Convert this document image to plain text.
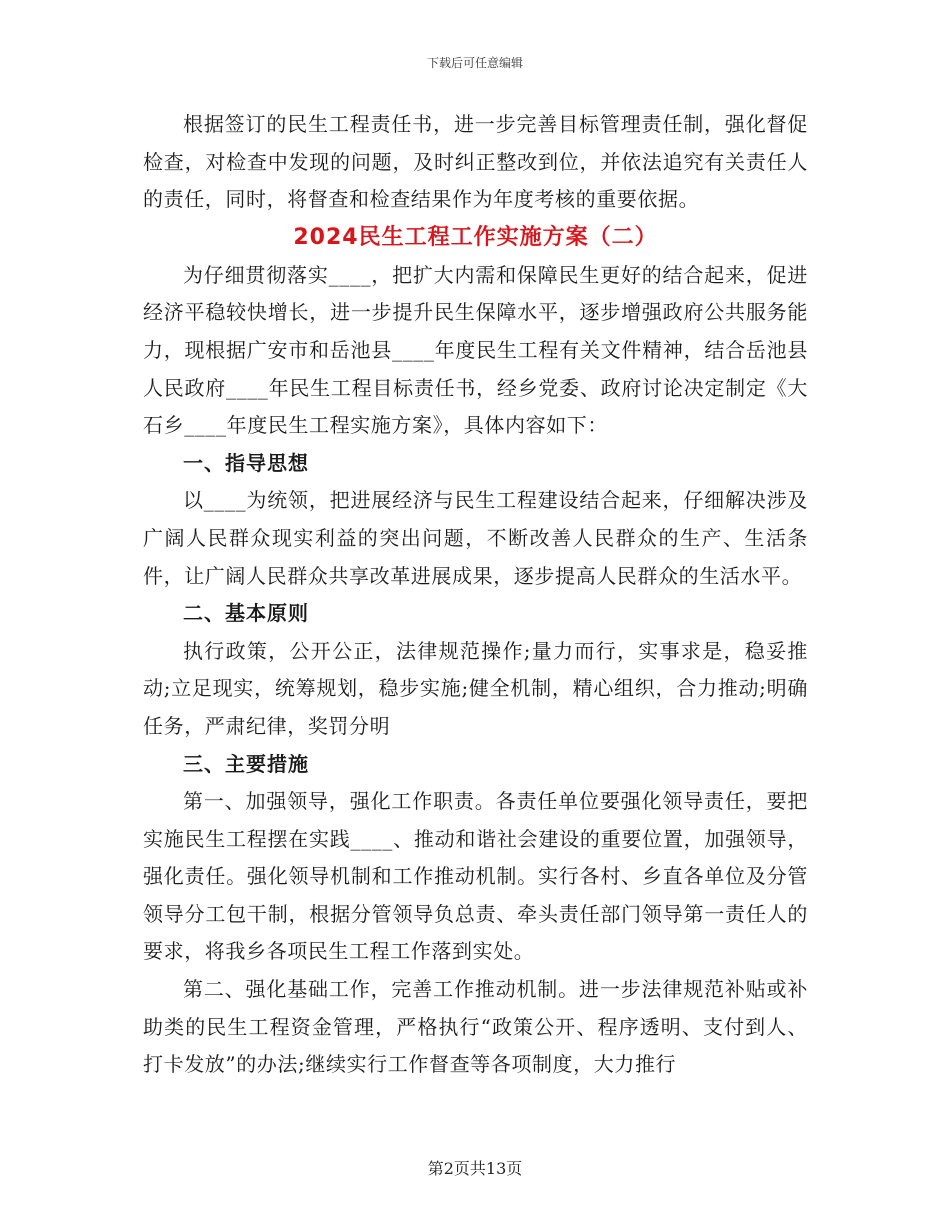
下载后可任意编辑

根据签订的民生工程责任书，进一步完善目标管理责任制，强化督促检查，对检查中发现的问题，及时纠正整改到位，并依法追究有关责任人的责任，同时，将督查和检查结果作为年度考核的重要依据。

2024民生工程工作实施方案（二）

为仔细贯彻落实____，把扩大内需和保障民生更好的结合起来，促进经济平稳较快增长，进一步提升民生保障水平，逐步增强政府公共服务能力，现根据广安市和岳池县____年度民生工程有关文件精神，结合岳池县人民政府____年民生工程目标责任书，经乡党委、政府讨论决定制定《大石乡____年度民生工程实施方案》，具体内容如下：

一、指导思想

以____为统领，把进展经济与民生工程建设结合起来，仔细解决涉及广阔人民群众现实利益的突出问题，不断改善人民群众的生产、生活条件，让广阔人民群众共享改革进展成果，逐步提高人民群众的生活水平。

二、基本原则

执行政策，公开公正，法律规范操作;量力而行，实事求是，稳妥推动;立足现实，统筹规划，稳步实施;健全机制，精心组织，合力推动;明确任务，严肃纪律，奖罚分明

三、主要措施

第一、加强领导，强化工作职责。各责任单位要强化领导责任，要把实施民生工程摆在实践____、推动和谐社会建设的重要位置，加强领导，强化责任。强化领导机制和工作推动机制。实行各村、乡直各单位及分管领导分工包干制，根据分管领导负总责、牵头责任部门领导第一责任人的要求，将我乡各项民生工程工作落到实处。

第二、强化基础工作，完善工作推动机制。进一步法律规范补贴或补助类的民生工程资金管理，严格执行“政策公开、程序透明、支付到人、打卡发放”的办法;继续实行工作督查等各项制度，大力推行

第2页共13页
